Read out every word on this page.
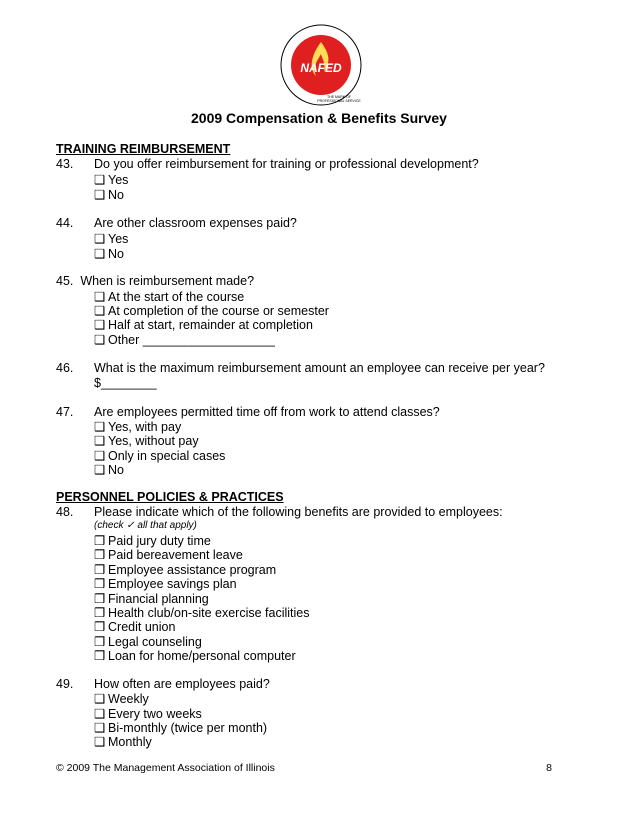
NAFED
THE MARK OF
PROFESSIONAL SERVICE
2009 Compensation & Benefits Survey
TRAINING REIMBURSEMENT
43. Do you offer reimbursement for training or professional development?
❑ Yes
❑ No
44. Are other classroom expenses paid?
❑ Yes
❑ No
45. When is reimbursement made?
❑ At the start of the course
❑ At completion of the course or semester
❑ Half at start, remainder at completion
❑ Other ___________________
46. What is the maximum reimbursement amount an employee can receive per year?
$________
47. Are employees permitted time off from work to attend classes?
❑ Yes, with pay
❑ Yes, without pay
❑ Only in special cases
❑ No
PERSONNEL POLICIES & PRACTICES
48. Please indicate which of the following benefits are provided to employees:
(check ✓ all that apply)
❒ Paid jury duty time
❒ Paid bereavement leave
❒ Employee assistance program
❒ Employee savings plan
❒ Financial planning
❒ Health club/on-site exercise facilities
❒ Credit union
❒ Legal counseling
❒ Loan for home/personal computer
49. How often are employees paid?
❑ Weekly
❑ Every two weeks
❑ Bi-monthly (twice per month)
❑ Monthly
© 2009 The Management Association of Illinois	8
